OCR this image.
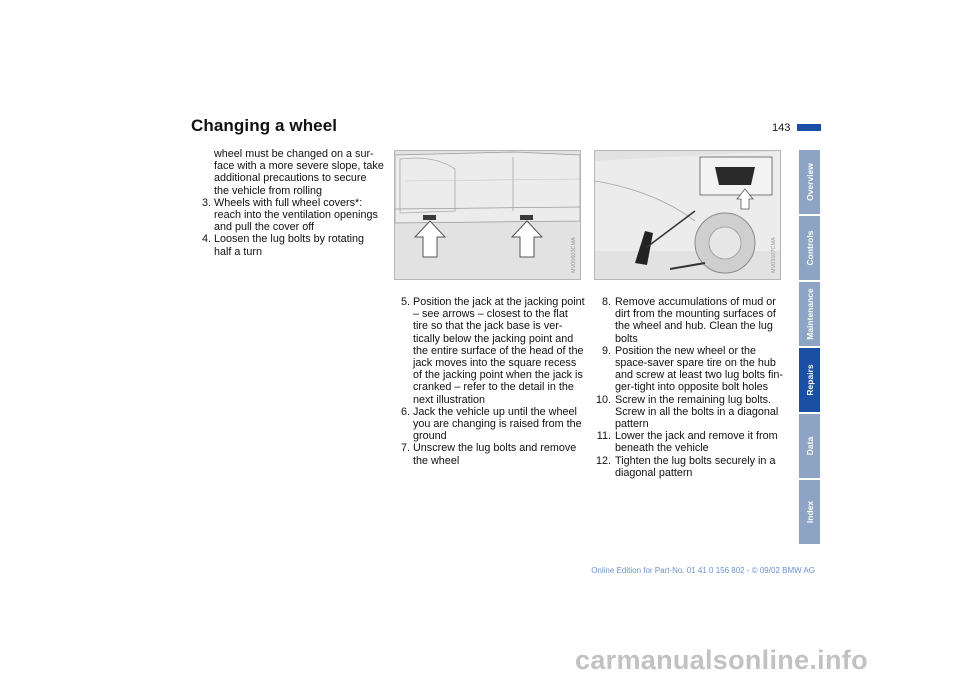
Changing a wheel	143
wheel must be changed on a sur-face with a more severe slope, take additional precautions to secure the vehicle from rolling
3. Wheels with full wheel covers*: reach into the ventilation openings and pull the cover off
4. Loosen the lug bolts by rotating half a turn	MV00603CMA	MV03107CMA
5. Position the jack at the jacking point – see arrows – closest to the flat tire so that the jack base is ver-tically below the jacking point and the entire surface of the head of the jack moves into the square recess of the jacking point when the jack is cranked – refer to the detail in the next illustration
6. Jack the vehicle up until the wheel you are changing is raised from the ground
7. Unscrew the lug bolts and remove the wheel
8. Remove accumulations of mud or dirt from the mounting surfaces of the wheel and hub. Clean the lug bolts
9. Position the new wheel or the space-saver spare tire on the hub and screw at least two lug bolts fin-ger-tight into opposite bolt holes
10. Screw in the remaining lug bolts. Screw in all the bolts in a diagonal pattern
11. Lower the jack and remove it from beneath the vehicle
12. Tighten the lug bolts securely in a diagonal pattern
Overview
Controls
Maintenance
Repairs
Data
Index
Online Edition for Part-No. 01 41 0 156 802 - © 09/02 BMW AG
carmanualsonline.info
